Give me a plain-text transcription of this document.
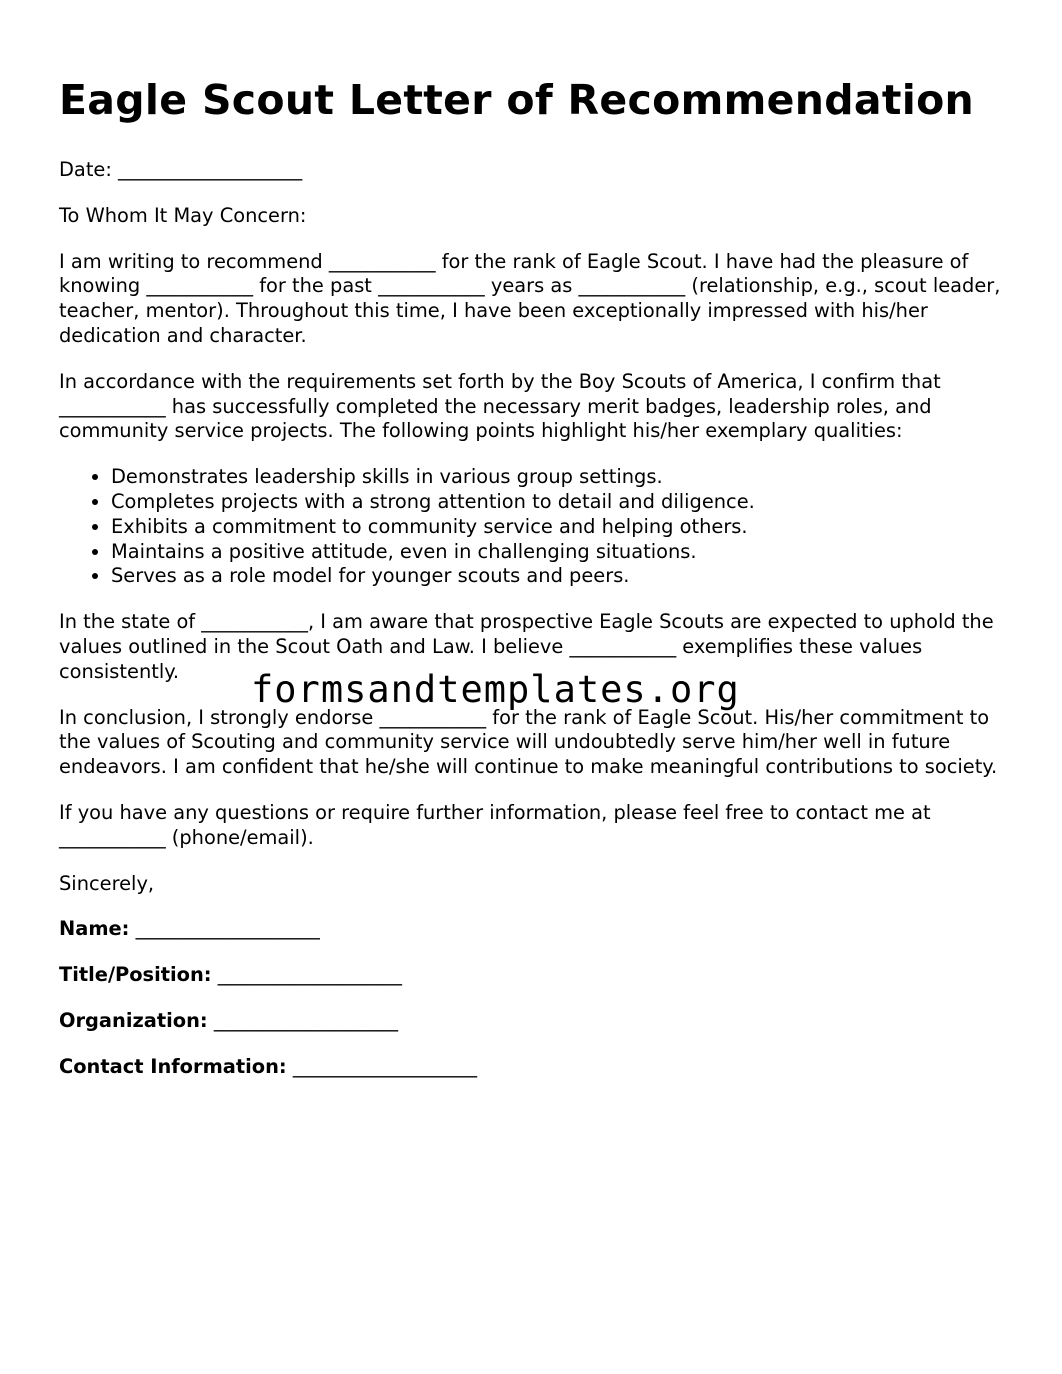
Eagle Scout Letter of Recommendation

Date: ___________________

To Whom It May Concern:

I am writing to recommend ___________ for the rank of Eagle Scout. I have had the pleasure of knowing ___________ for the past ___________ years as ___________ (relationship, e.g., scout leader, teacher, mentor). Throughout this time, I have been exceptionally impressed with his/her dedication and character.

In accordance with the requirements set forth by the Boy Scouts of America, I confirm that ___________ has successfully completed the necessary merit badges, leadership roles, and community service projects. The following points highlight his/her exemplary qualities:

• Demonstrates leadership skills in various group settings.
• Completes projects with a strong attention to detail and diligence.
• Exhibits a commitment to community service and helping others.
• Maintains a positive attitude, even in challenging situations.
• Serves as a role model for younger scouts and peers.

In the state of ___________, I am aware that prospective Eagle Scouts are expected to uphold the values outlined in the Scout Oath and Law. I believe ___________ exemplifies these values consistently.

In conclusion, I strongly endorse ___________ for the rank of Eagle Scout. His/her commitment to the values of Scouting and community service will undoubtedly serve him/her well in future endeavors. I am confident that he/she will continue to make meaningful contributions to society.

If you have any questions or require further information, please feel free to contact me at ___________ (phone/email).

Sincerely,

Name: ___________________

Title/Position: ___________________

Organization: ___________________

Contact Information: ___________________

formsandtemplates.org
